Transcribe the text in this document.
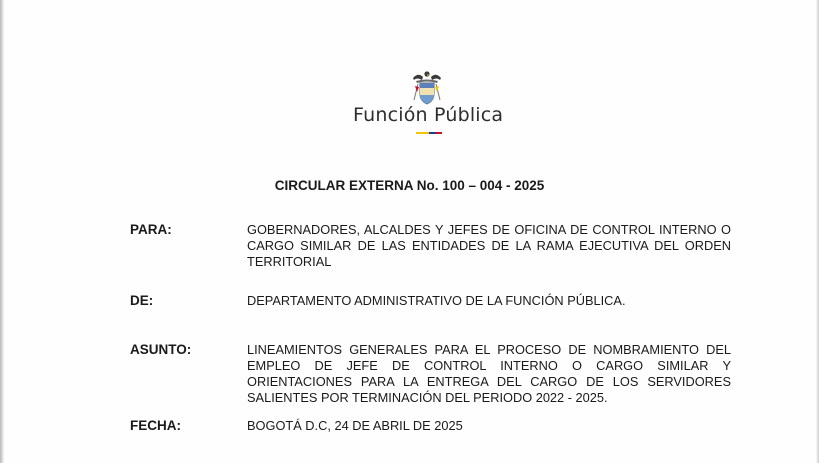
Función Pública
CIRCULAR EXTERNA No. 100 – 004 - 2025
PARA:	GOBERNADORES, ALCALDES Y JEFES DE OFICINA DE CONTROL INTERNO O CARGO SIMILAR DE LAS ENTIDADES DE LA RAMA EJECUTIVA DEL ORDEN TERRITORIAL
DE:	DEPARTAMENTO ADMINISTRATIVO DE LA FUNCIÓN PÚBLICA.
ASUNTO:	LINEAMIENTOS GENERALES PARA EL PROCESO DE NOMBRAMIENTO DEL EMPLEO DE JEFE DE CONTROL INTERNO O CARGO SIMILAR Y ORIENTACIONES PARA LA ENTREGA DEL CARGO DE LOS SERVIDORES SALIENTES POR TERMINACIÓN DEL PERIODO 2022 - 2025.
FECHA:	BOGOTÁ D.C, 24 DE ABRIL DE 2025
